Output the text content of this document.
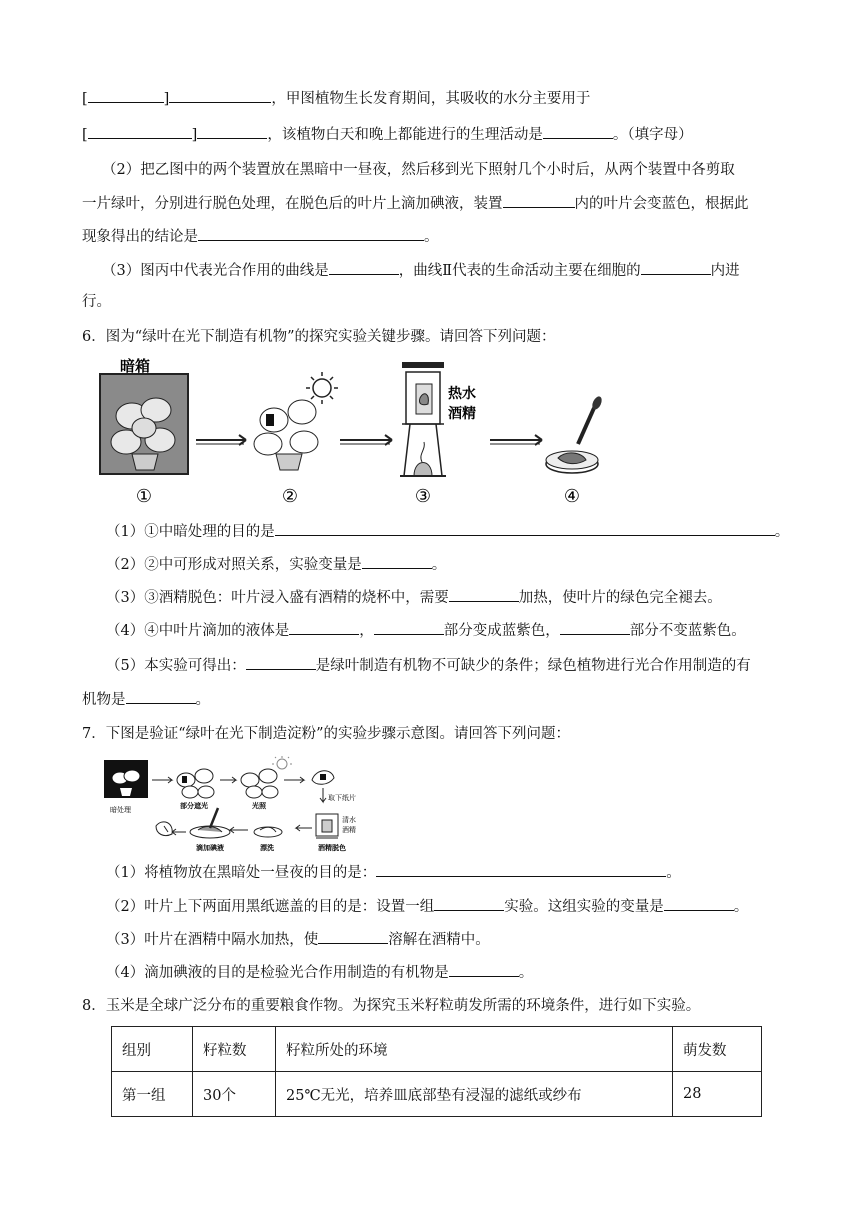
[	]	，甲图植物生长发育期间，其吸收的水分主要用于
[	]	，该植物白天和晚上都能进行的生理活动是	。（填字母）
（2）把乙图中的两个装置放在黑暗中一昼夜，然后移到光下照射几个小时后，从两个装置中各剪取
一片绿叶，分别进行脱色处理，在脱色后的叶片上滴加碘液，装置	内的叶片会变蓝色，根据此
现象得出的结论是	。
（3）图丙中代表光合作用的曲线是	，曲线Ⅱ代表的生命活动主要在细胞的	内进
行。
6．图为“绿叶在光下制造有机物”的探究实验关键步骤。请回答下列问题：
暗箱
热水
酒精
①	②	③	④
（1）①中暗处理的目的是	。
（2）②中可形成对照关系，实验变量是	。
（3）③酒精脱色：叶片浸入盛有酒精的烧杯中，需要	加热，使叶片的绿色完全褪去。
（4）④中叶片滴加的液体是	，	部分变成蓝紫色，	部分不变蓝紫色。
（5）本实验可得出：	是绿叶制造有机物不可缺少的条件；绿色植物进行光合作用制造的有
机物是	。
7．下图是验证“绿叶在光下制造淀粉”的实验步骤示意图。请回答下列问题：
暗处理	部分遮光	光照
取下纸片
清水
酒精
酒精脱色
漂洗
滴加碘液
（1）将植物放在黑暗处一昼夜的目的是：	。
（2）叶片上下两面用黑纸遮盖的目的是：设置一组	实验。这组实验的变量是	。
（3）叶片在酒精中隔水加热，使	溶解在酒精中。
（4）滴加碘液的目的是检验光合作用制造的有机物是	。
8．玉米是全球广泛分布的重要粮食作物。为探究玉米籽粒萌发所需的环境条件，进行如下实验。
组别	籽粒数	籽粒所处的环境	萌发数
第一组	30个	25℃无光，培养皿底部垫有浸湿的滤纸或纱布	28
